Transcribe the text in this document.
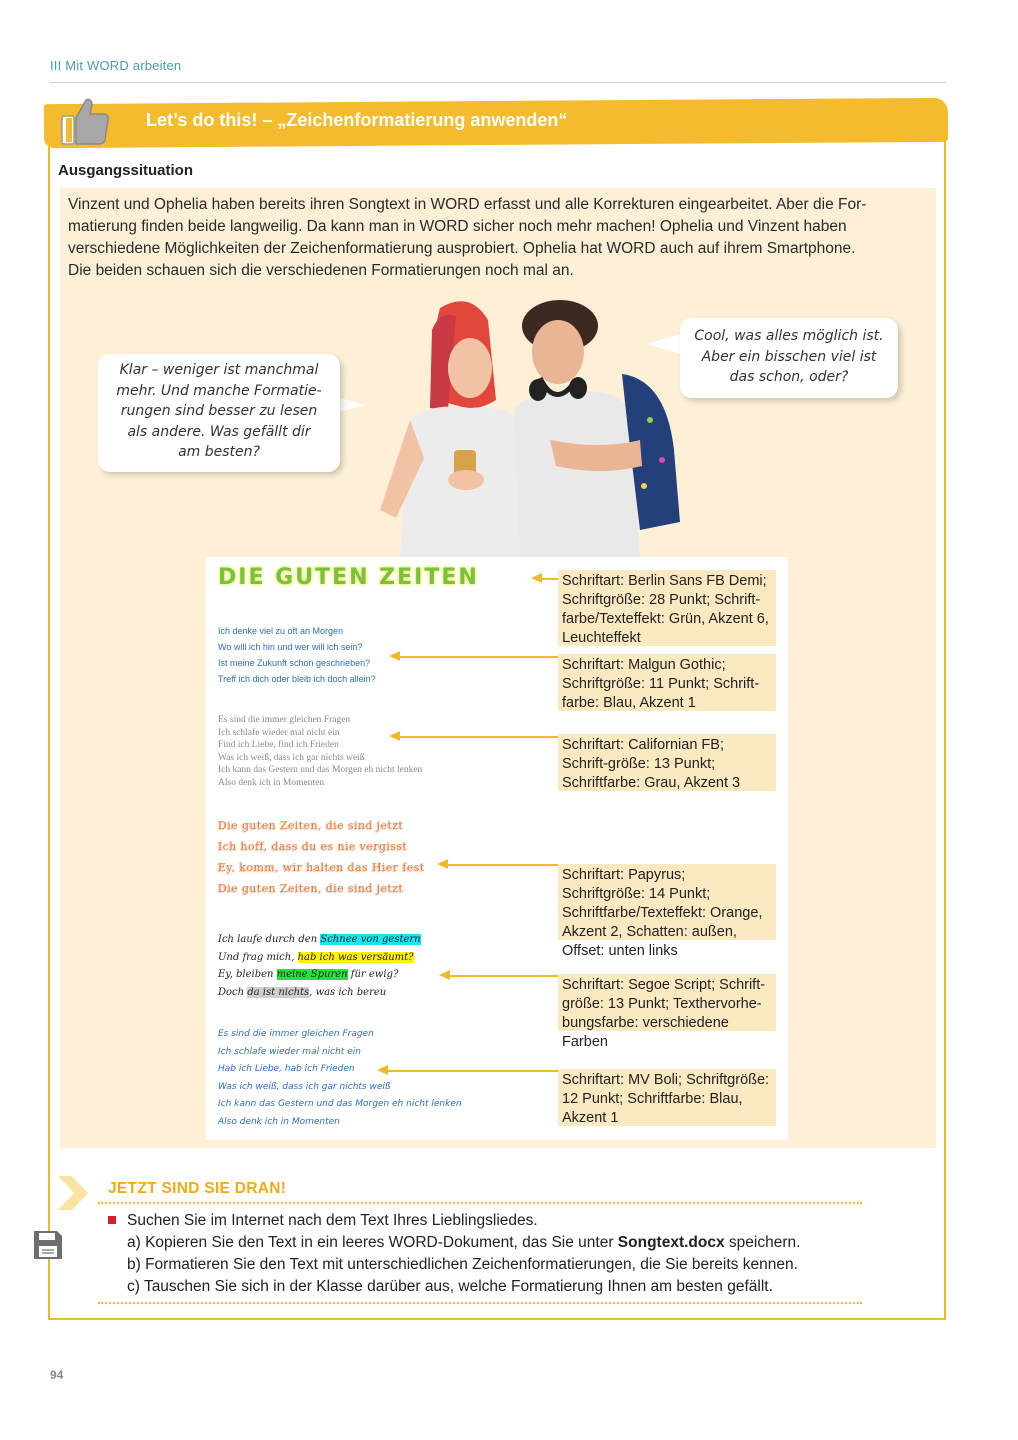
III Mit WORD arbeiten
Let’s do this! – „Zeichenformatierung anwenden“
Ausgangssituation
Vinzent und Ophelia haben bereits ihren Songtext in WORD erfasst und alle Korrekturen eingearbeitet. Aber die For-
matierung finden beide langweilig. Da kann man in WORD sicher noch mehr machen! Ophelia und Vinzent haben
verschiedene Möglichkeiten der Zeichenformatierung ausprobiert. Ophelia hat WORD auch auf ihrem Smartphone.
Die beiden schauen sich die verschiedenen Formatierungen noch mal an.
Klar – weniger ist manchmal
mehr. Und manche Formatie-
rungen sind besser zu lesen
als andere. Was gefällt dir
am besten?
Cool, was alles möglich ist.
Aber ein bisschen viel ist
das schon, oder?
DIE GUTEN ZEITEN
Ich denke viel zu oft an Morgen
Wo will ich hin und wer will ich sein?
Ist meine Zukunft schon geschrieben?
Treff ich dich oder bleib ich doch allein?
Es sind die immer gleichen Fragen
Ich schlafe wieder mal nicht ein
Find ich Liebe, find ich Frieden
Was ich weiß, dass ich gar nichts weiß
Ich kann das Gestern und das Morgen eh nicht lenken
Also denk ich in Momenten
Die guten Zeiten, die sind jetzt
Ich hoff, dass du es nie vergisst
Ey, komm, wir halten das Hier fest
Die guten Zeiten, die sind jetzt
Ich laufe durch den Schnee von gestern
Und frag mich, hab ich was versäumt?
Ey, bleiben meine Spuren für ewig?
Doch da ist nichts, was ich bereu
Es sind die immer gleichen Fragen
Ich schlafe wieder mal nicht ein
Hab ich Liebe, hab ich Frieden
Was ich weiß, dass ich gar nichts weiß
Ich kann das Gestern und das Morgen eh nicht lenken
Also denk ich in Momenten
Schriftart: Berlin Sans FB Demi; Schriftgröße: 28 Punkt; Schrift-farbe/Texteffekt: Grün, Akzent 6, Leuchteffekt
Schriftart: Malgun Gothic; Schriftgröße: 11 Punkt; Schrift-farbe: Blau, Akzent 1
Schriftart: Californian FB; Schrift-größe: 13 Punkt; Schriftfarbe: Grau, Akzent 3
Schriftart: Papyrus; Schriftgröße: 14 Punkt; Schriftfarbe/Texteffekt: Orange, Akzent 2, Schatten: außen, Offset: unten links
Schriftart: Segoe Script; Schrift-größe: 13 Punkt; Texthervorhe-bungsfarbe: verschiedene Farben
Schriftart: MV Boli; Schriftgröße: 12 Punkt; Schriftfarbe: Blau, Akzent 1
JETZT SIND SIE DRAN!
Suchen Sie im Internet nach dem Text Ihres Lieblingsliedes.
a) Kopieren Sie den Text in ein leeres WORD-Dokument, das Sie unter Songtext.docx speichern.
b) Formatieren Sie den Text mit unterschiedlichen Zeichenformatierungen, die Sie bereits kennen.
c) Tauschen Sie sich in der Klasse darüber aus, welche Formatierung Ihnen am besten gefällt.
94
